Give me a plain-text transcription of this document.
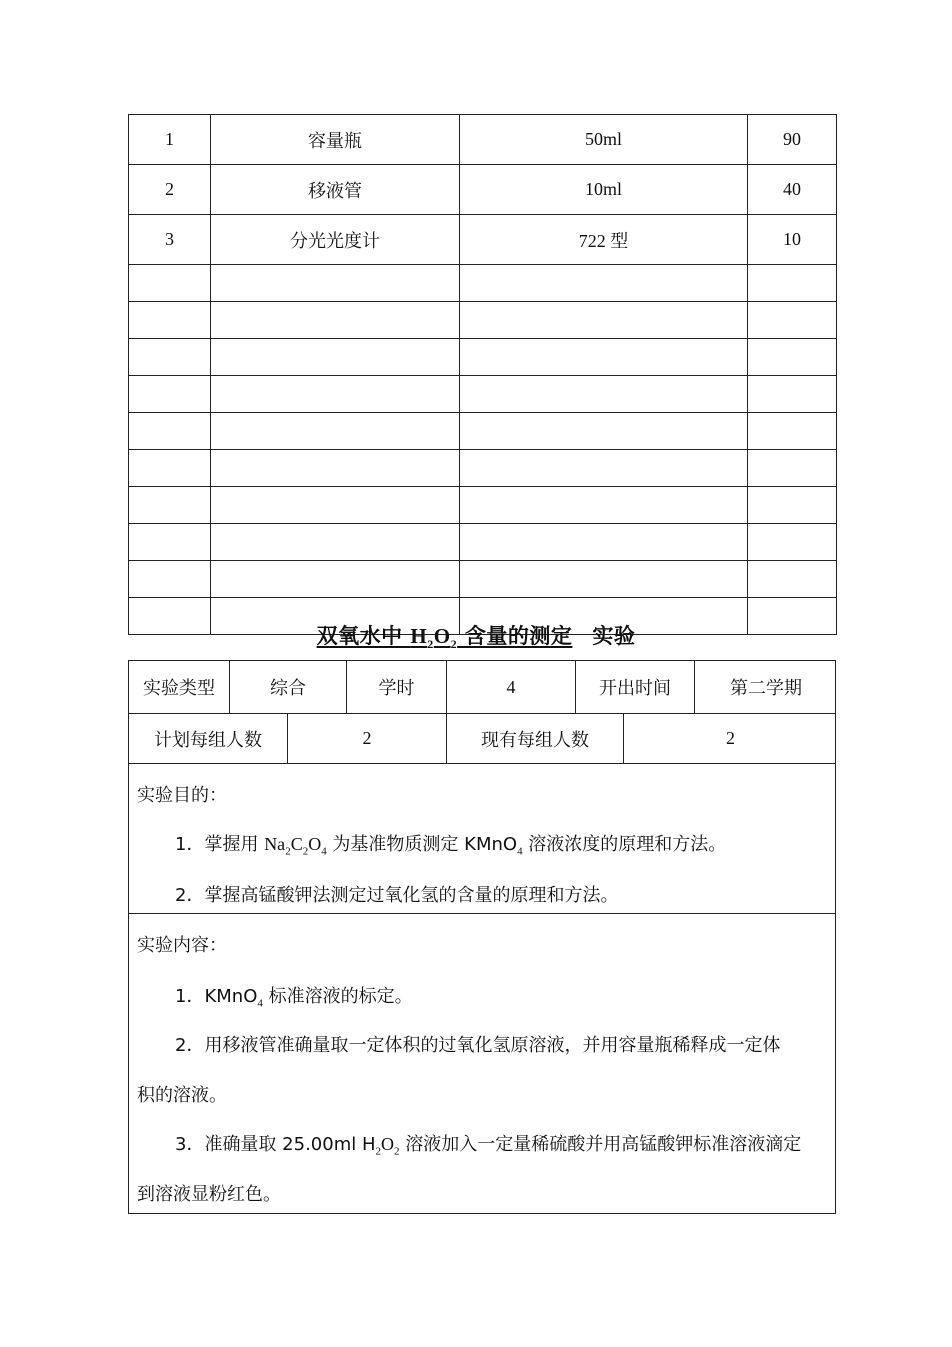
1	容量瓶	50ml	90
2	移液管	10ml	40
3	分光光度计	722 型	10

双氧水中 $H_2O_2$ 含量的测定 实验
实验类型	综合	学时	4	开出时间	第二学期
计划每组人数	2	现有每组人数	2
实验目的：
1．掌握用 $Na_2C_2O_4$ 为基准物质测定 KMnO$_4$ 溶液浓度的原理和方法。
2．掌握高锰酸钾法测定过氧化氢的含量的原理和方法。
实验内容：
1．KMnO$_4$ 标准溶液的标定。
2．用移液管准确量取一定体积的过氧化氢原溶液，并用容量瓶稀释成一定体
积的溶液。
3．准确量取 25.00ml $H_2O_2$ 溶液加入一定量稀硫酸并用高锰酸钾标准溶液滴定
到溶液显粉红色。
